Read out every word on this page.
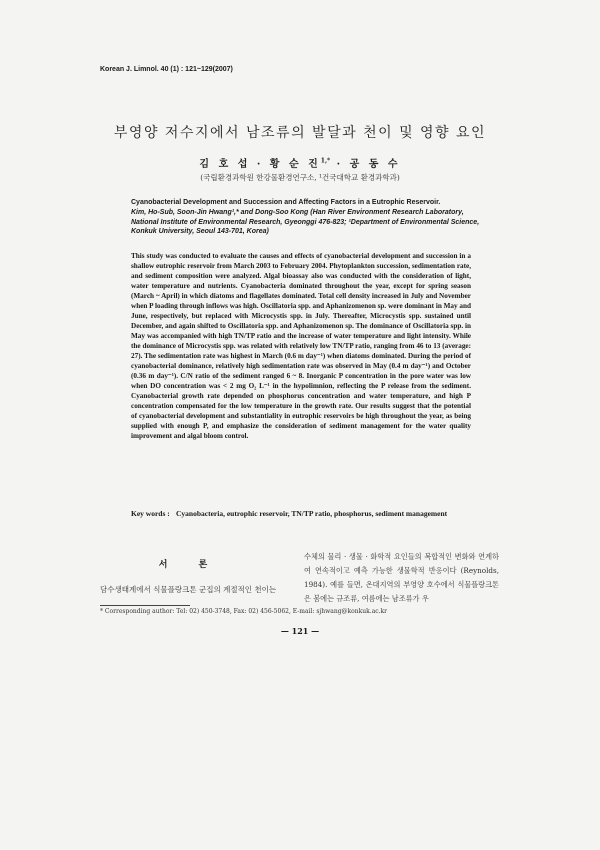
Korean J. Limnol. 40 (1) : 121~129(2007)
부영양 저수지에서 남조류의 발달과 천이 및 영향 요인
김 호 섭 · 황 순 진$^{1,*}$ · 공 동 수
(국립환경과학원 한강물환경연구소, ¹건국대학교 환경과학과)

Cyanobacterial Development and Succession and Affecting Factors in a Eutrophic Reservoir.

Kim, Ho-Sub, Soon-Jin Hwang¹,* and Dong-Soo Kong (Han River Environment Research Laboratory, National Institute of Environmental Research, Gyeonggi 476-823; ¹Department of Environmental Science, Konkuk University, Seoul 143-701, Korea)

This study was conducted to evaluate the causes and effects of cyanobacterial development and succession in a shallow eutrophic reservoir from March 2003 to February 2004. Phytoplankton succession, sedimentation rate, and sediment composition were analyzed. Algal bioassay also was conducted with the consideration of light, water temperature and nutrients. Cyanobacteria dominated throughout the year, except for spring season (March ~ April) in which diatoms and flagellates dominated. Total cell density increased in July and November when P loading through inflows was high. Oscillatoria spp. and Aphanizomenon sp. were dominant in May and June, respectively, but replaced with Microcystis spp. in July. Thereafter, Microcystis spp. sustained until December, and again shifted to Oscillatoria spp. and Aphanizomenon sp. The dominance of Oscillatoria spp. in May was accompanied with high TN/TP ratio and the increase of water temperature and light intensity. While the dominance of Microcystis spp. was related with relatively low TN/TP ratio, ranging from 46 to 13 (average: 27). The sedimentation rate was highest in March (0.6 m day⁻¹) when diatoms dominated. During the period of cyanobacterial dominance, relatively high sedimentation rate was observed in May (0.4 m day⁻¹) and October (0.36 m day⁻¹). C/N ratio of the sediment ranged 6 ~ 8. Inorganic P concentration in the pore water was low when DO concentration was < 2 mg O₂ L⁻¹ in the hypolimnion, reflecting the P release from the sediment. Cyanobacterial growth rate depended on phosphorus concentration and water temperature, and high P concentration compensated for the low temperature in the growth rate. Our results suggest that the potential of cyanobacterial development and substantiality in eutrophic reservoirs be high throughout the year, as being supplied with enough P, and emphasize the consideration of sediment management for the water quality improvement and algal bloom control.

Key words : Cyanobacteria, eutrophic reservoir, TN/TP ratio, phosphorus, sediment management
서 론

담수생태계에서 식물플랑크톤 군집의 계절적인 천이는

수체의 물리 · 생물 · 화학적 요인들의 복합적인 변화와 연계하여 연속적이고 예측 가능한 생물학적 반응이다 (Reynolds, 1984). 예를 들면, 온대지역의 부영양 호수에서 식물플랑크톤은 봄에는 규조류, 여름에는 남조류가 우

* Corresponding author: Tel: 02) 450-3748, Fax: 02) 456-5062, E-mail: sjhwang@konkuk.ac.kr
— 121 —
